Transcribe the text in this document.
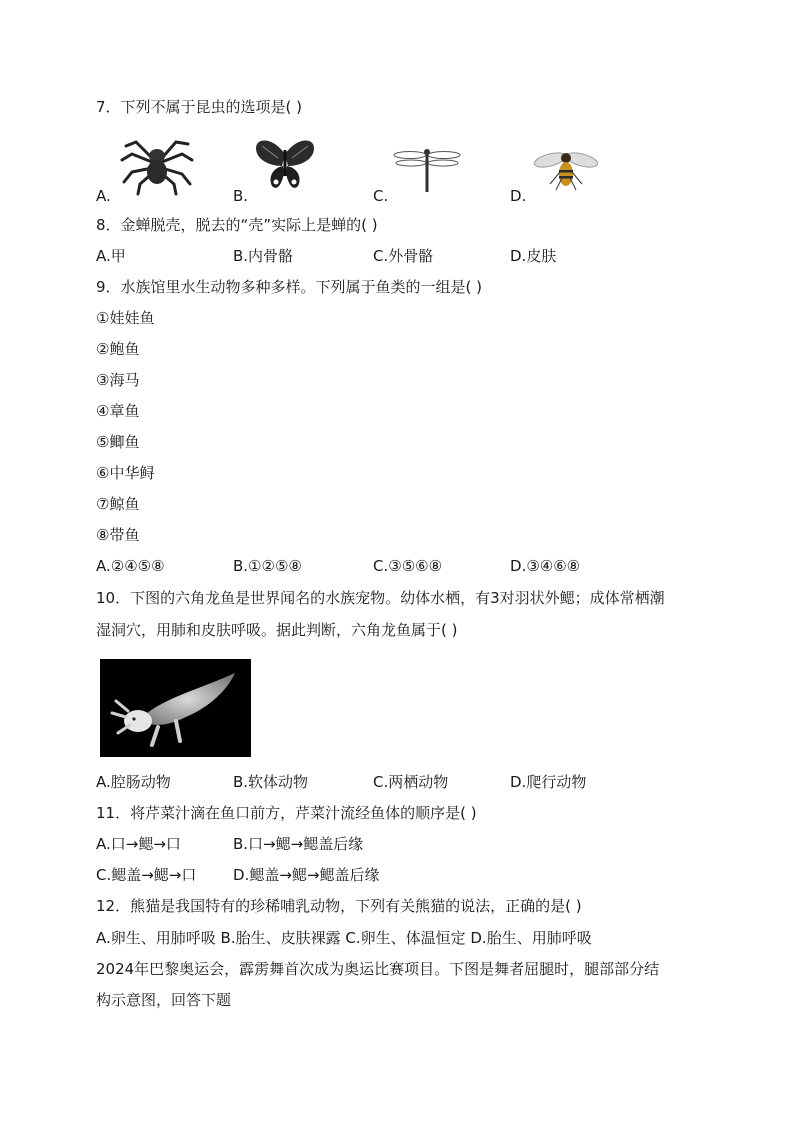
7．下列不属于昆虫的选项是( )
A.	B.	C.	D.
8．金蝉脱壳，脱去的“壳”实际上是蝉的( )
A.甲	B.内骨骼	C.外骨骼	D.皮肤
9．水族馆里水生动物多种多样。下列属于鱼类的一组是( )
①娃娃鱼
②鲍鱼
③海马
④章鱼
⑤鲫鱼
⑥中华鲟
⑦鲸鱼
⑧带鱼
A.②④⑤⑧	B.①②⑤⑧	C.③⑤⑥⑧	D.③④⑥⑧
10．下图的六角龙鱼是世界闻名的水族宠物。幼体水栖，有3对羽状外鳃；成体常栖潮
湿洞穴，用肺和皮肤呼吸。据此判断，六角龙鱼属于( )
A.腔肠动物	B.软体动物	C.两栖动物	D.爬行动物
11．将芹菜汁滴在鱼口前方，芹菜汁流经鱼体的顺序是( )
A.口→鳃→口	B.口→鳃→鳃盖后缘
C.鳃盖→鳃→口 D.鳃盖→鳃→鳃盖后缘
12．熊猫是我国特有的珍稀哺乳动物，下列有关熊猫的说法，正确的是( )
A.卵生、用肺呼吸 B.胎生、皮肤裸露 C.卵生、体温恒定 D.胎生、用肺呼吸
2024年巴黎奥运会，霹雳舞首次成为奥运比赛项目。下图是舞者屈腿时，腿部部分结
构示意图，回答下题
